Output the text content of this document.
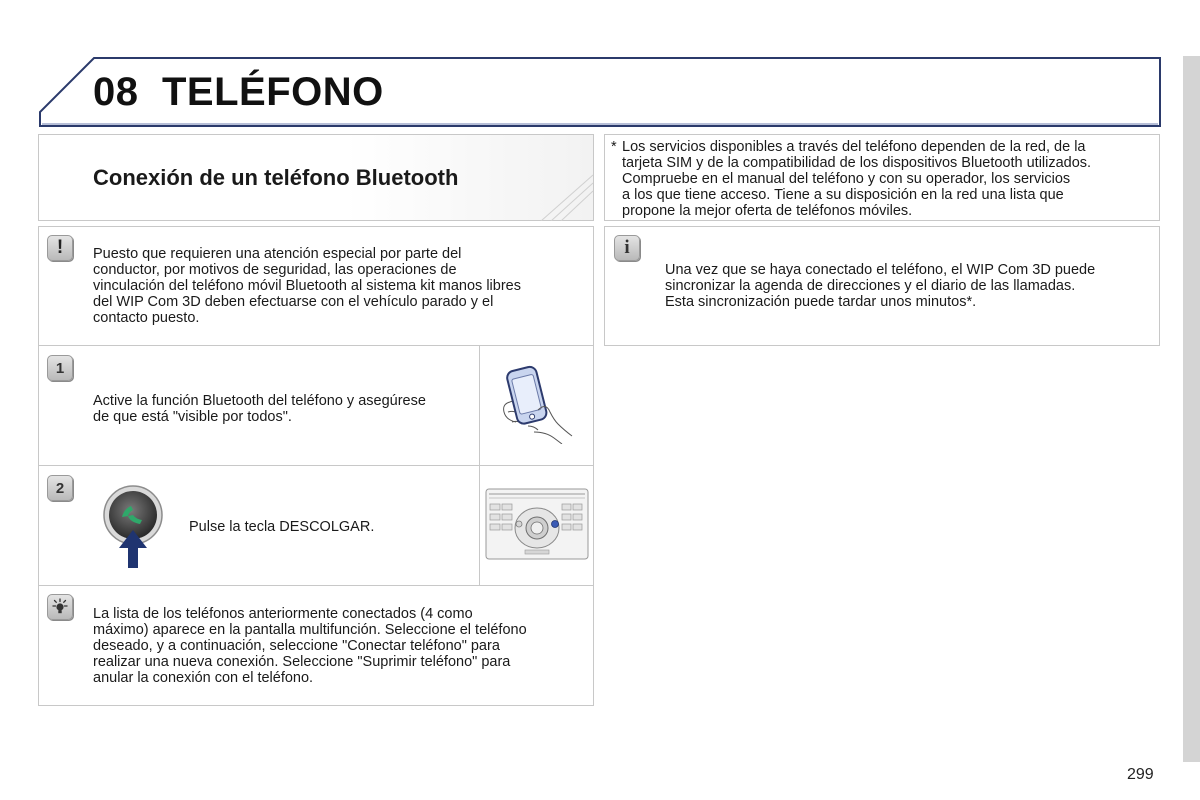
08 TELÉFONO
Conexión de un teléfono Bluetooth
* Los servicios disponibles a través del teléfono dependen de la red, de la
tarjeta SIM y de la compatibilidad de los dispositivos Bluetooth utilizados.
Compruebe en el manual del teléfono y con su operador, los servicios
a los que tiene acceso. Tiene a su disposición en la red una lista que
propone la mejor oferta de teléfonos móviles.
!	Puesto que requieren una atención especial por parte del
conductor, por motivos de seguridad, las operaciones de
vinculación del teléfono móvil Bluetooth al sistema kit manos libres
del WIP Com 3D deben efectuarse con el vehículo parado y el
contacto puesto.
i
Una vez que se haya conectado el teléfono, el WIP Com 3D puede
sincronizar la agenda de direcciones y el diario de las llamadas.
Esta sincronización puede tardar unos minutos*.
1
Active la función Bluetooth del teléfono y asegúrese
de que está "visible por todos".
2
Pulse la tecla DESCOLGAR.
La lista de los teléfonos anteriormente conectados (4 como
máximo) aparece en la pantalla multifunción. Seleccione el teléfono
deseado, y a continuación, seleccione "Conectar teléfono" para
realizar una nueva conexión. Seleccione "Suprimir teléfono" para
anular la conexión con el teléfono.
299
